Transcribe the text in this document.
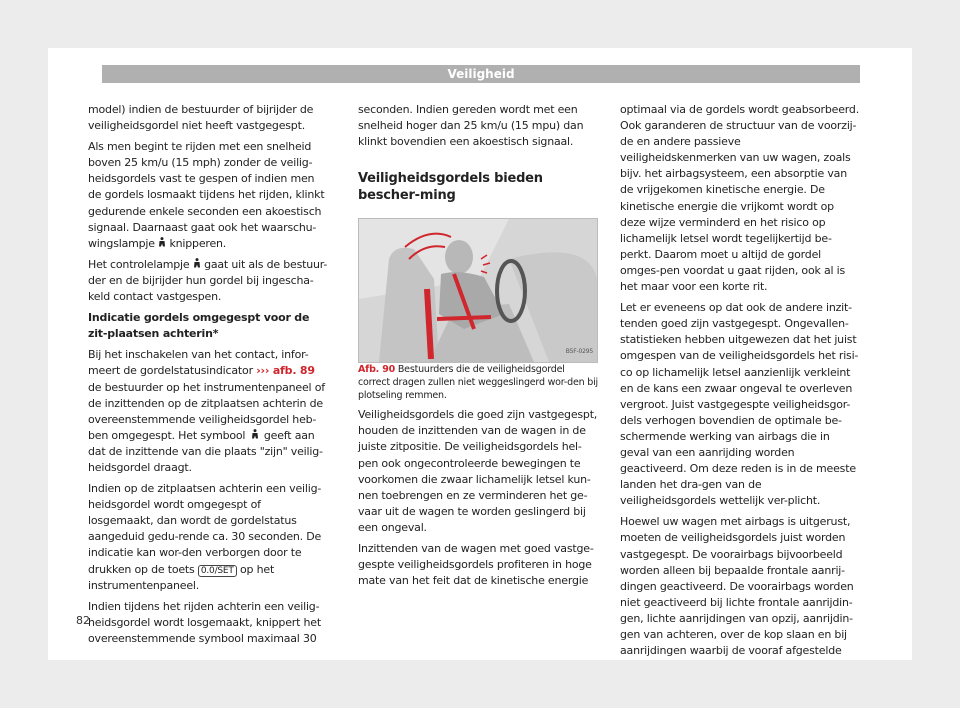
Veiligheid

model) indien de bestuurder of bijrijder de veiligheidsgordel niet heeft vastgegespt.

Als men begint te rijden met een snelheid boven 25 km/u (15 mph) zonder de veilig-heidsgordels vast te gespen of indien men de gordels losmaakt tijdens het rijden, klinkt gedurende enkele seconden een akoestisch signaal. Daarnaast gaat ook het waarschu-wingslampje knipperen.

Het controlelampje gaat uit als de bestuur-der en de bijrijder hun gordel bij ingescha-keld contact vastgespen.

Indicatie gordels omgegespt voor de zit-plaatsen achterin*

Bij het inschakelen van het contact, infor-meert de gordelstatusindicator ››› afb. 89 de bestuurder op het instrumentenpaneel of de inzittenden op de zitplaatsen achterin de overeenstemmende veiligheidsgordel heb-ben omgegespt. Het symbool geeft aan dat de inzittende van die plaats "zijn" veilig-heidsgordel draagt.

Indien op de zitplaatsen achterin een veilig-heidsgordel wordt omgegespt of losgemaakt, dan wordt de gordelstatus aangeduid gedu-rende ca. 30 seconden. De indicatie kan wor-den verborgen door te drukken op de toets 0.0/SET op het instrumentenpaneel.

Indien tijdens het rijden achterin een veilig-heidsgordel wordt losgemaakt, knippert het overeenstemmende symbool maximaal 30

seconden. Indien gereden wordt met een snelheid hoger dan 25 km/u (15 mpu) dan klinkt bovendien een akoestisch signaal.

Veiligheidsgordels bieden bescher-ming
B5F-0295

Afb. 90 Bestuurders die de veiligheidsgordel correct dragen zullen niet weggeslingerd wor-den bij plotseling remmen.

Veiligheidsgordels die goed zijn vastgegespt, houden de inzittenden van de wagen in de juiste zitpositie. De veiligheidsgordels hel-pen ook ongecontroleerde bewegingen te voorkomen die zwaar lichamelijk letsel kun-nen toebrengen en ze verminderen het ge-vaar uit de wagen te worden geslingerd bij een ongeval.

Inzittenden van de wagen met goed vastge-gespte veiligheidsgordels profiteren in hoge mate van het feit dat de kinetische energie

optimaal via de gordels wordt geabsorbeerd. Ook garanderen de structuur van de voorzij-de en andere passieve veiligheidskenmerken van uw wagen, zoals bijv. het airbagsysteem, een absorptie van de vrijgekomen kinetische energie. De kinetische energie die vrijkomt wordt op deze wijze verminderd en het risico op lichamelijk letsel wordt tegelijkertijd be-perkt. Daarom moet u altijd de gordel omges-pen voordat u gaat rijden, ook al is het maar voor een korte rit.

Let er eveneens op dat ook de andere inzit-tenden goed zijn vastgegespt. Ongevallen-statistieken hebben uitgewezen dat het juist omgespen van de veiligheidsgordels het risi-co op lichamelijk letsel aanzienlijk verkleint en de kans een zwaar ongeval te overleven vergroot. Juist vastgegespte veiligheidsgor-dels verhogen bovendien de optimale be-schermende werking van airbags die in geval van een aanrijding worden geactiveerd. Om deze reden is in de meeste landen het dra-gen van de veiligheidsgordels wettelijk ver-plicht.

Hoewel uw wagen met airbags is uitgerust, moeten de veiligheidsgordels juist worden vastgegespt. De voorairbags bijvoorbeeld worden alleen bij bepaalde frontale aanrij-dingen geactiveerd. De voorairbags worden niet geactiveerd bij lichte frontale aanrijdin-gen, lichte aanrijdingen van opzij, aanrijdin-gen van achteren, over de kop slaan en bij aanrijdingen waarbij de vooraf afgestelde

82
